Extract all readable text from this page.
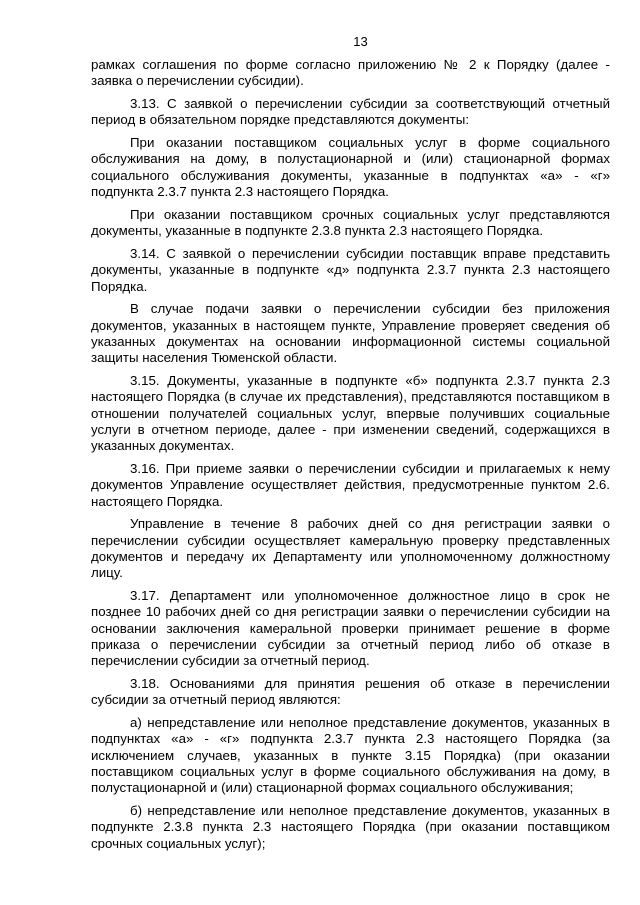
13

рамках соглашения по форме согласно приложению № 2 к Порядку (далее - заявка о перечислении субсидии).

3.13. С заявкой о перечислении субсидии за соответствующий отчетный период в обязательном порядке представляются документы:

При оказании поставщиком социальных услуг в форме социального обслуживания на дому, в полустационарной и (или) стационарной формах социального обслуживания документы, указанные в подпунктах «а» - «г» подпункта 2.3.7 пункта 2.3 настоящего Порядка.

При оказании поставщиком срочных социальных услуг представляются документы, указанные в подпункте 2.3.8 пункта 2.3 настоящего Порядка.

3.14. С заявкой о перечислении субсидии поставщик вправе представить документы, указанные в подпункте «д» подпункта 2.3.7 пункта 2.3 настоящего Порядка.

В случае подачи заявки о перечислении субсидии без приложения документов, указанных в настоящем пункте, Управление проверяет сведения об указанных документах на основании информационной системы социальной защиты населения Тюменской области.

3.15. Документы, указанные в подпункте «б» подпункта 2.3.7 пункта 2.3 настоящего Порядка (в случае их представления), представляются поставщиком в отношении получателей социальных услуг, впервые получивших социальные услуги в отчетном периоде, далее - при изменении сведений, содержащихся в указанных документах.

3.16. При приеме заявки о перечислении субсидии и прилагаемых к нему документов Управление осуществляет действия, предусмотренные пунктом 2.6. настоящего Порядка.

Управление в течение 8 рабочих дней со дня регистрации заявки о перечислении субсидии осуществляет камеральную проверку представленных документов и передачу их Департаменту или уполномоченному должностному лицу.

3.17. Департамент или уполномоченное должностное лицо в срок не позднее 10 рабочих дней со дня регистрации заявки о перечислении субсидии на основании заключения камеральной проверки принимает решение в форме приказа о перечислении субсидии за отчетный период либо об отказе в перечислении субсидии за отчетный период.

3.18. Основаниями для принятия решения об отказе в перечислении субсидии за отчетный период являются:

а) непредставление или неполное представление документов, указанных в подпунктах «а» - «г» подпункта 2.3.7 пункта 2.3 настоящего Порядка (за исключением случаев, указанных в пункте 3.15 Порядка) (при оказании поставщиком социальных услуг в форме социального обслуживания на дому, в полустационарной и (или) стационарной формах социального обслуживания;

б) непредставление или неполное представление документов, указанных в подпункте 2.3.8 пункта 2.3 настоящего Порядка (при оказании поставщиком срочных социальных услуг);
